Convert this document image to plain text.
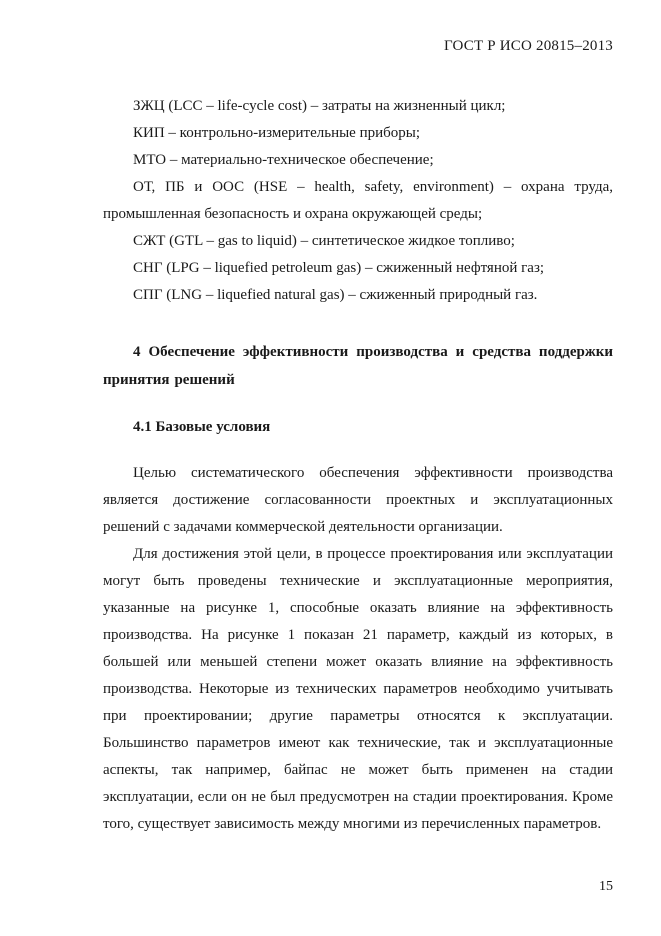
ГОСТ Р ИСО 20815–2013
ЗЖЦ (LCC – life-cycle cost) – затраты на жизненный цикл;
КИП – контрольно-измерительные приборы;
МТО – материально-техническое обеспечение;
ОТ, ПБ и ООС (HSE – health, safety, environment) – охрана труда, промышленная безопасность и охрана окружающей среды;
СЖТ (GTL – gas to liquid) – синтетическое жидкое топливо;
СНГ (LPG – liquefied petroleum gas) – сжиженный нефтяной газ;
СПГ (LNG – liquefied natural gas) – сжиженный природный газ.
4 Обеспечение эффективности производства и средства поддержки принятия решений
4.1 Базовые условия

Целью систематического обеспечения эффективности производства является достижение согласованности проектных и эксплуатационных решений с задачами коммерческой деятельности организации.

Для достижения этой цели, в процессе проектирования или эксплуатации могут быть проведены технические и эксплуатационные мероприятия, указанные на рисунке 1, способные оказать влияние на эффективность производства. На рисунке 1 показан 21 параметр, каждый из которых, в большей или меньшей степени может оказать влияние на эффективность производства. Некоторые из технических параметров необходимо учитывать при проектировании; другие параметры относятся к эксплуатации. Большинство параметров имеют как технические, так и эксплуатационные аспекты, так например, байпас не может быть применен на стадии эксплуатации, если он не был предусмотрен на стадии проектирования. Кроме того, существует зависимость между многими из перечисленных параметров.

15
